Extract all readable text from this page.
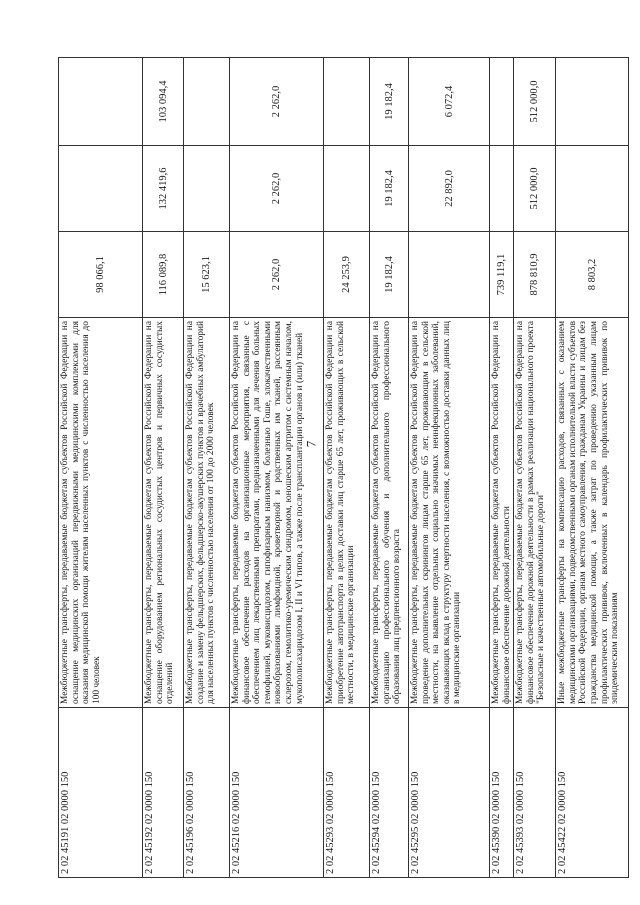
7
2 02 45191 02 0000 150	Межбюджетные трансферты, передаваемые бюджетам субъектов Российской Федерации на оснащение медицинских организаций передвижными медицинскими комплексами для оказания медицинской помощи жителям населенных пунктов с численностью населения до 100 человек	98 066,1		
2 02 45192 02 0000 150	Межбюджетные трансферты, передаваемые бюджетам субъектов Российской Федерации на оснащение оборудованием региональных сосудистых центров и первичных сосудистых отделений	116 089,8	132 419,6	103 094,4
2 02 45196 02 0000 150	Межбюджетные трансферты, передаваемые бюджетам субъектов Российской Федерации на создание и замену фельдшерских, фельдшерско-акушерских пунктов и врачебных амбулаторий для населенных пунктов с численностью населения от 100 до 2000 человек	15 623,1		
2 02 45216 02 0000 150	Межбюджетные трансферты, передаваемые бюджетам субъектов Российской Федерации на финансовое обеспечение расходов на организационные мероприятия, связанные с обеспечением лиц лекарственными препаратами, предназначенными для лечения больных гемофилией, муковисцидозом, гипофизарным нанизмом, болезнью Гоше, злокачественными новообразованиями лимфоидной, кроветворной и родственных им тканей, рассеянным склерозом, гемолитико-уремическим синдромом, юношеским артритом с системным началом, мукополисахаридозом I, II и VI типов, а также после трансплантации органов и (или) тканей	2 262,0	2 262,0	2 262,0
2 02 45293 02 0000 150	Межбюджетные трансферты, передаваемые бюджетам субъектов Российской Федерации на приобретение автотранспорта в целях доставки лиц старше 65 лет, проживающих в сельской местности, в медицинские организации	24 253,9		
2 02 45294 02 0000 150	Межбюджетные трансферты, передаваемые бюджетам субъектов Российской Федерации на организацию профессионального обучения и дополнительного профессионального образования лиц предпенсионного возраста	19 182,4	19 182,4	19 182,4
2 02 45295 02 0000 150	Межбюджетные трансферты, передаваемые бюджетам субъектов Российской Федерации на проведение дополнительных скринингов лицам старше 65 лет, проживающим в сельской местности, на выявление отдельных социально значимых неинфекционных заболеваний, оказывающих вклад в структуру смертности населения, с возможностью доставки данных лиц в медицинские организации		22 892,0	6 072,4
2 02 45390 02 0000 150	Межбюджетные трансферты, передаваемые бюджетам субъектов Российской Федерации на финансовое обеспечение дорожной деятельности	739 119,1		
2 02 45393 02 0000 150	Межбюджетные трансферты, передаваемые бюджетам субъектов Российской Федерации на финансовое обеспечение дорожной деятельности в рамках реализации национального проекта "Безопасные и качественные автомобильные дороги"	878 810,9	512 000,0	512 000,0
2 02 45422 02 0000 150	Иные межбюджетные трансферты на компенсацию расходов, связанных с оказанием медицинскими организациями, подведомственными органам исполнительной власти субъектов Российской Федерации, органам местного самоуправления, гражданам Украины и лицам без гражданства медицинской помощи, а также затрат по проведению указанным лицам профилактических прививок, включенных в календарь профилактических прививок по эпидемическим показаниям	8 803,2		
